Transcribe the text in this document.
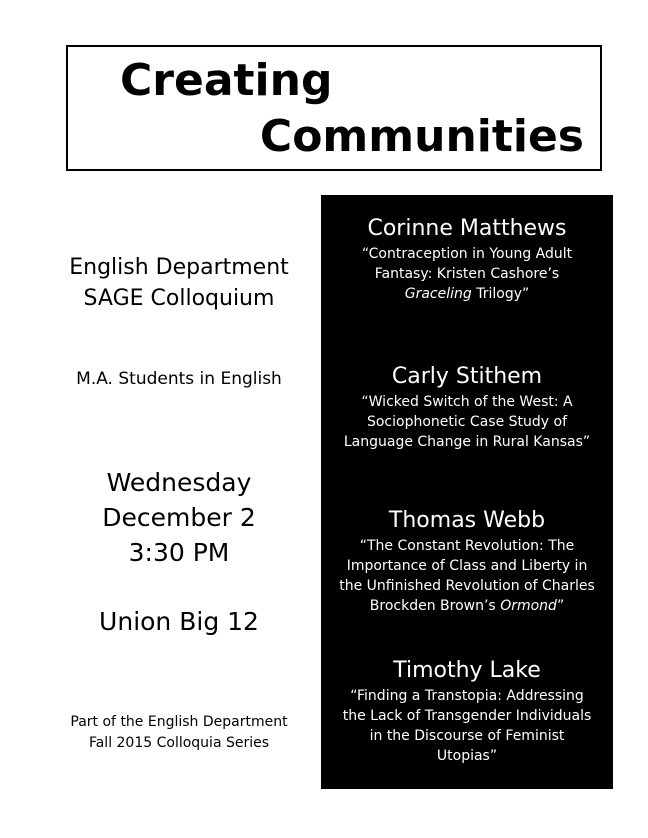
Creating
Communities
English Department
SAGE Colloquium
M.A. Students in English
Wednesday
December 2
3:30 PM
Union Big 12
Part of the English Department
Fall 2015 Colloquia Series
Corinne Matthews
“Contraception in Young Adult
Fantasy: Kristen Cashore’s
Graceling Trilogy”
Carly Stithem
“Wicked Switch of the West: A
Sociophonetic Case Study of
Language Change in Rural Kansas”
Thomas Webb
“The Constant Revolution: The
Importance of Class and Liberty in
the Unfinished Revolution of Charles
Brockden Brown’s Ormond”
Timothy Lake
“Finding a Transtopia: Addressing
the Lack of Transgender Individuals
in the Discourse of Feminist
Utopias”
